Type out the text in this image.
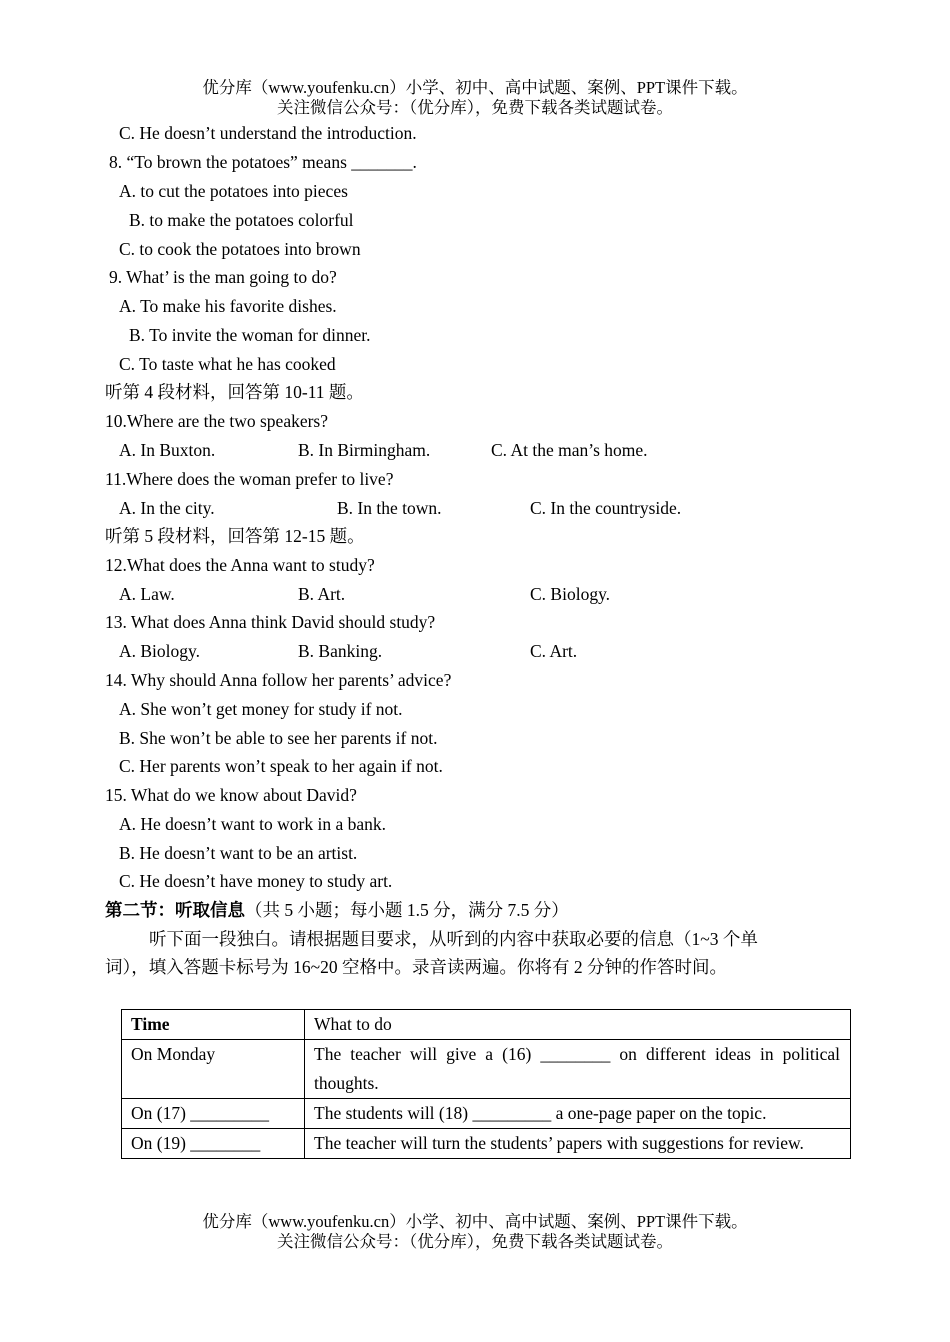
优分库（www.youfenku.cn）小学、初中、高中试题、案例、PPT课件下载。
关注微信公众号：（优分库），免费下载各类试题试卷。
C. He doesn’t understand the introduction.
8. “To brown the potatoes” means _______.
A. to cut the potatoes into pieces
B. to make the potatoes colorful
C. to cook the potatoes into brown
9. What’ is the man going to do?
A. To make his favorite dishes.
B. To invite the woman for dinner.
C. To taste what he has cooked
听第 4 段材料，回答第 10-11 题。
10.Where are the two speakers?
A. In Buxton.	B. In Birmingham.	C. At the man’s home.
11.Where does the woman prefer to live?
A. In the city.	B. In the town.	C. In the countryside.
听第 5 段材料，回答第 12-15 题。
12.What does the Anna want to study?
A. Law.	B. Art.	C. Biology.
13. What does Anna think David should study?
A. Biology.	B. Banking.	C. Art.
14. Why should Anna follow her parents’ advice?
A. She won’t get money for study if not.
B. She won’t be able to see her parents if not.
C. Her parents won’t speak to her again if not.
15. What do we know about David?
A. He doesn’t want to work in a bank.
B. He doesn’t want to be an artist.
C. He doesn’t have money to study art.
第二节：听取信息（共 5 小题；每小题 1.5 分，满分 7.5 分）
听下面一段独白。请根据题目要求，从听到的内容中获取必要的信息（1~3 个单
词），填入答题卡标号为 16~20 空格中。录音读两遍。你将有 2 分钟的作答时间。
Time	What to do
On Monday	The teacher will give a (16) ________ on different ideas in political thoughts.
On (17) _________	The students will (18) _________ a one-page paper on the topic.
On (19) ________	The teacher will turn the students’ papers with suggestions for review.
优分库（www.youfenku.cn）小学、初中、高中试题、案例、PPT课件下载。
关注微信公众号：（优分库），免费下载各类试题试卷。
